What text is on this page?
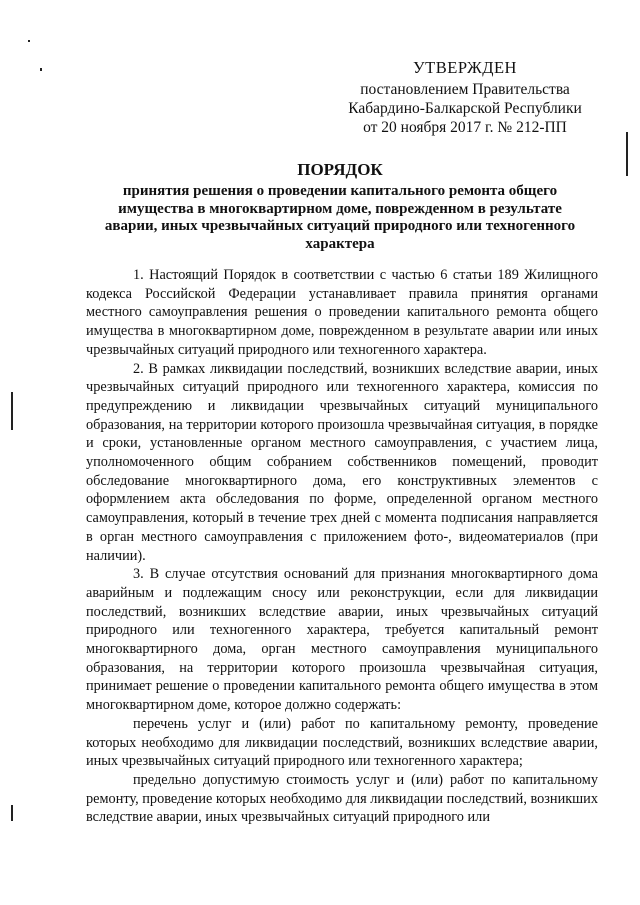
УТВЕРЖДЕН
постановлением Правительства
Кабардино-Балкарской Республики
от 20 ноября 2017 г. № 212-ПП
ПОРЯДОК
принятия решения о проведении капитального ремонта общего имущества в многоквартирном доме, поврежденном в результате аварии, иных чрезвычайных ситуаций природного или техногенного характера

1. Настоящий Порядок в соответствии с частью 6 статьи 189 Жилищного кодекса Российской Федерации устанавливает правила принятия органами местного самоуправления решения о проведении капитального ремонта общего имущества в многоквартирном доме, поврежденном в результате аварии или иных чрезвычайных ситуаций природного или техногенного характера.

2. В рамках ликвидации последствий, возникших вследствие аварии, иных чрезвычайных ситуаций природного или техногенного характера, комиссия по предупреждению и ликвидации чрезвычайных ситуаций муниципального образования, на территории которого произошла чрезвычайная ситуация, в порядке и сроки, установленные органом местного самоуправления, с участием лица, уполномоченного общим собранием собственников помещений, проводит обследование многоквартирного дома, его конструктивных элементов с оформлением акта обследования по форме, определенной органом местного самоуправления, который в течение трех дней с момента подписания направляется в орган местного самоуправления с приложением фото-, видеоматериалов (при наличии).

3. В случае отсутствия оснований для признания многоквартирного дома аварийным и подлежащим сносу или реконструкции, если для ликвидации последствий, возникших вследствие аварии, иных чрезвычайных ситуаций природного или техногенного характера, требуется капитальный ремонт многоквартирного дома, орган местного самоуправления муниципального образования, на территории которого произошла чрезвычайная ситуация, принимает решение о проведении капитального ремонта общего имущества в этом многоквартирном доме, которое должно содержать:

перечень услуг и (или) работ по капитальному ремонту, проведение которых необходимо для ликвидации последствий, возникших вследствие аварии, иных чрезвычайных ситуаций природного или техногенного характера;

предельно допустимую стоимость услуг и (или) работ по капитальному ремонту, проведение которых необходимо для ликвидации последствий, возникших вследствие аварии, иных чрезвычайных ситуаций природного или
